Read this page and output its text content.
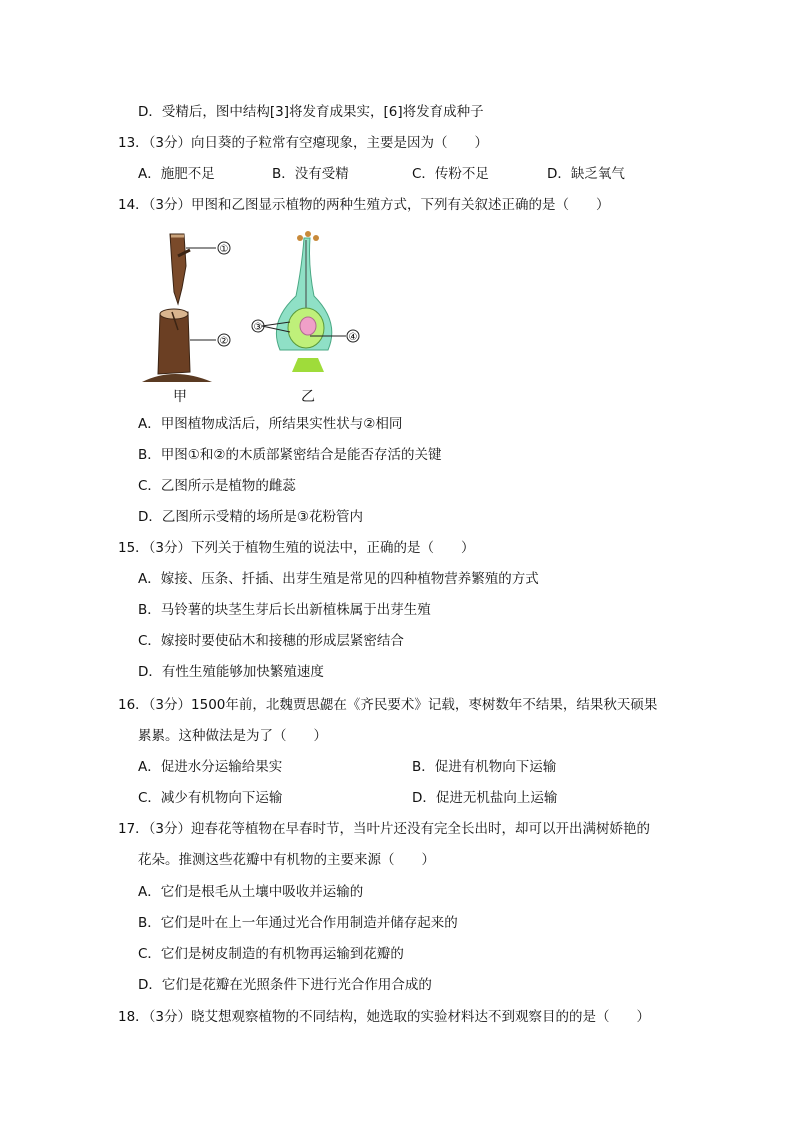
D．受精后，图中结构[3]将发育成果实，[6]将发育成种子
13．（3分）向日葵的子粒常有空瘪现象，主要是因为（　　）
A．施肥不足	B．没有受精	C．传粉不足	D．缺乏氧气
14．（3分）甲图和乙图显示植物的两种生殖方式，下列有关叙述正确的是（　　）
①
②
③
④
甲	乙
A．甲图植物成活后，所结果实性状与②相同
B．甲图①和②的木质部紧密结合是能否存活的关键
C．乙图所示是植物的雌蕊
D．乙图所示受精的场所是③花粉管内
15．（3分）下列关于植物生殖的说法中，正确的是（　　）
A．嫁接、压条、扦插、出芽生殖是常见的四种植物营养繁殖的方式
B．马铃薯的块茎生芽后长出新植株属于出芽生殖
C．嫁接时要使砧木和接穗的形成层紧密结合
D．有性生殖能够加快繁殖速度
16．（3分）1500年前，北魏贾思勰在《齐民要术》记载，枣树数年不结果，结果秋天硕果
累累。这种做法是为了（　　）
A．促进水分运输给果实	B．促进有机物向下运输
C．减少有机物向下运输	D．促进无机盐向上运输
17．（3分）迎春花等植物在早春时节，当叶片还没有完全长出时，却可以开出满树娇艳的
花朵。推测这些花瓣中有机物的主要来源（　　）
A．它们是根毛从土壤中吸收并运输的
B．它们是叶在上一年通过光合作用制造并储存起来的
C．它们是树皮制造的有机物再运输到花瓣的
D．它们是花瓣在光照条件下进行光合作用合成的
18．（3分）晓艾想观察植物的不同结构，她选取的实验材料达不到观察目的的是（　　）
